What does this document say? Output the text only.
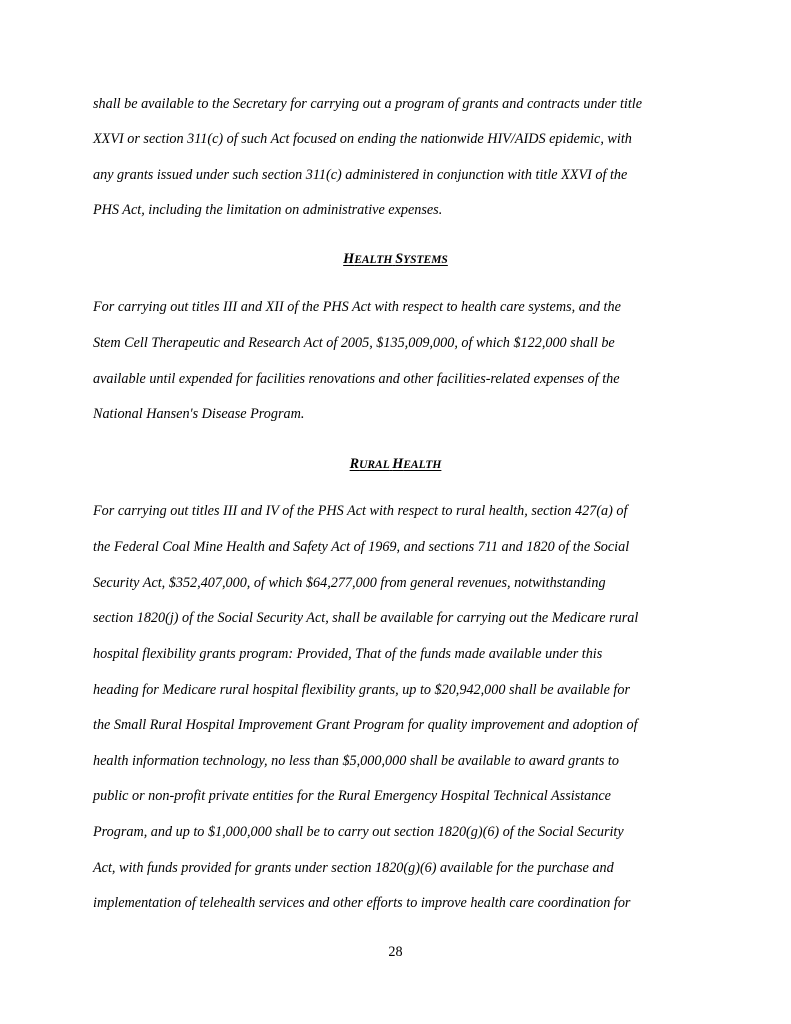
shall be available to the Secretary for carrying out a program of grants and contracts under title
XXVI or section 311(c) of such Act focused on ending the nationwide HIV/AIDS epidemic, with
any grants issued under such section 311(c) administered in conjunction with title XXVI of the
PHS Act, including the limitation on administrative expenses.
HEALTH SYSTEMS
For carrying out titles III and XII of the PHS Act with respect to health care systems, and the
Stem Cell Therapeutic and Research Act of 2005, $135,009,000, of which $122,000 shall be
available until expended for facilities renovations and other facilities-related expenses of the
National Hansen's Disease Program.
RURAL HEALTH
For carrying out titles III and IV of the PHS Act with respect to rural health, section 427(a) of
the Federal Coal Mine Health and Safety Act of 1969, and sections 711 and 1820 of the Social
Security Act, $352,407,000, of which $64,277,000 from general revenues, notwithstanding
section 1820(j) of the Social Security Act, shall be available for carrying out the Medicare rural
hospital flexibility grants program: Provided, That of the funds made available under this
heading for Medicare rural hospital flexibility grants, up to $20,942,000 shall be available for
the Small Rural Hospital Improvement Grant Program for quality improvement and adoption of
health information technology, no less than $5,000,000 shall be available to award grants to
public or non-profit private entities for the Rural Emergency Hospital Technical Assistance
Program, and up to $1,000,000 shall be to carry out section 1820(g)(6) of the Social Security
Act, with funds provided for grants under section 1820(g)(6) available for the purchase and
implementation of telehealth services and other efforts to improve health care coordination for
28
